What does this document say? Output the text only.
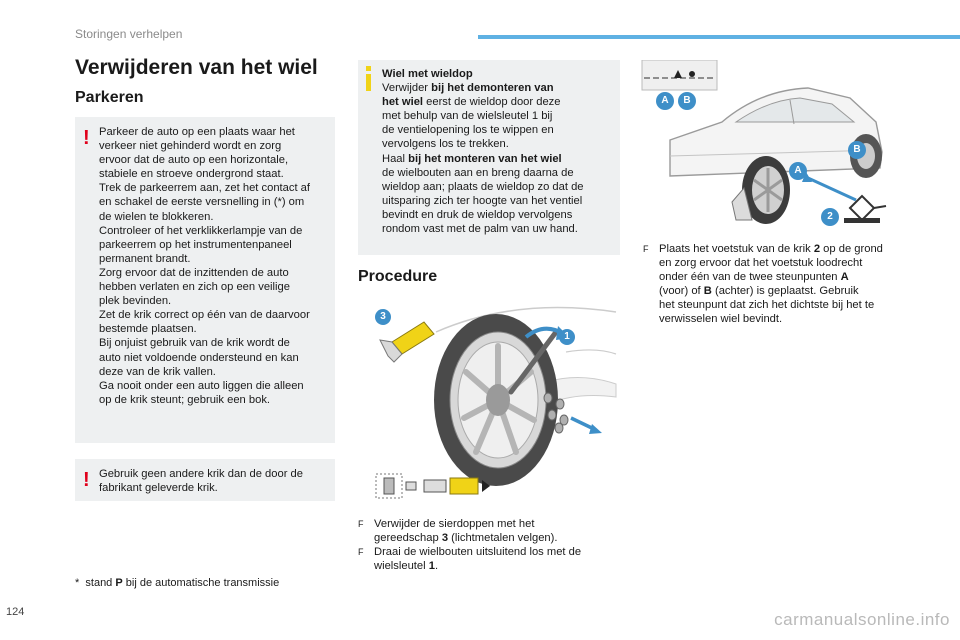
Storingen verhelpen
Verwijderen van het wiel
Parkeren
! Parkeer de auto op een plaats waar het
verkeer niet gehinderd wordt en zorg
ervoor dat de auto op een horizontale,
stabiele en stroeve ondergrond staat.
Trek de parkeerrem aan, zet het contact af
en schakel de eerste versnelling in (*) om
de wielen te blokkeren.
Controleer of het verklikkerlampje van de
parkeerrem op het instrumentenpaneel
permanent brandt.
Zorg ervoor dat de inzittenden de auto
hebben verlaten en zich op een veilige
plek bevinden.
Zet de krik correct op één van de daarvoor
bestemde plaatsen.
Bij onjuist gebruik van de krik wordt de
auto niet voldoende ondersteund en kan
deze van de krik vallen.
Ga nooit onder een auto liggen die alleen
op de krik steunt; gebruik een bok.

! Gebruik geen andere krik dan de door de
fabrikant geleverde krik.

*  stand P bij de automatische transmissie

Wiel met wieldop
Verwijder bij het demonteren van
het wiel eerst de wieldop door deze
met behulp van de wielsleutel 1 bij
de ventielopening los te wippen en
vervolgens los te trekken.
Haal bij het monteren van het wiel
de wielbouten aan en breng daarna de
wieldop aan; plaats de wieldop zo dat de
uitsparing zich ter hoogte van het ventiel
bevindt en druk de wieldop vervolgens
rondom vast met de palm van uw hand.

Procedure
1
3
F Verwijder de sierdoppen met het
gereedschap 3 (lichtmetalen velgen).
F Draai de wielbouten uitsluitend los met de
wielsleutel 1.
A	B
B
A
2
F Plaats het voetstuk van de krik 2 op de grond
en zorg ervoor dat het voetstuk loodrecht
onder één van de twee steunpunten A
(voor) of B (achter) is geplaatst. Gebruik
het steunpunt dat zich het dichtste bij het te
verwisselen wiel bevindt.
124	carmanualsonline.info
